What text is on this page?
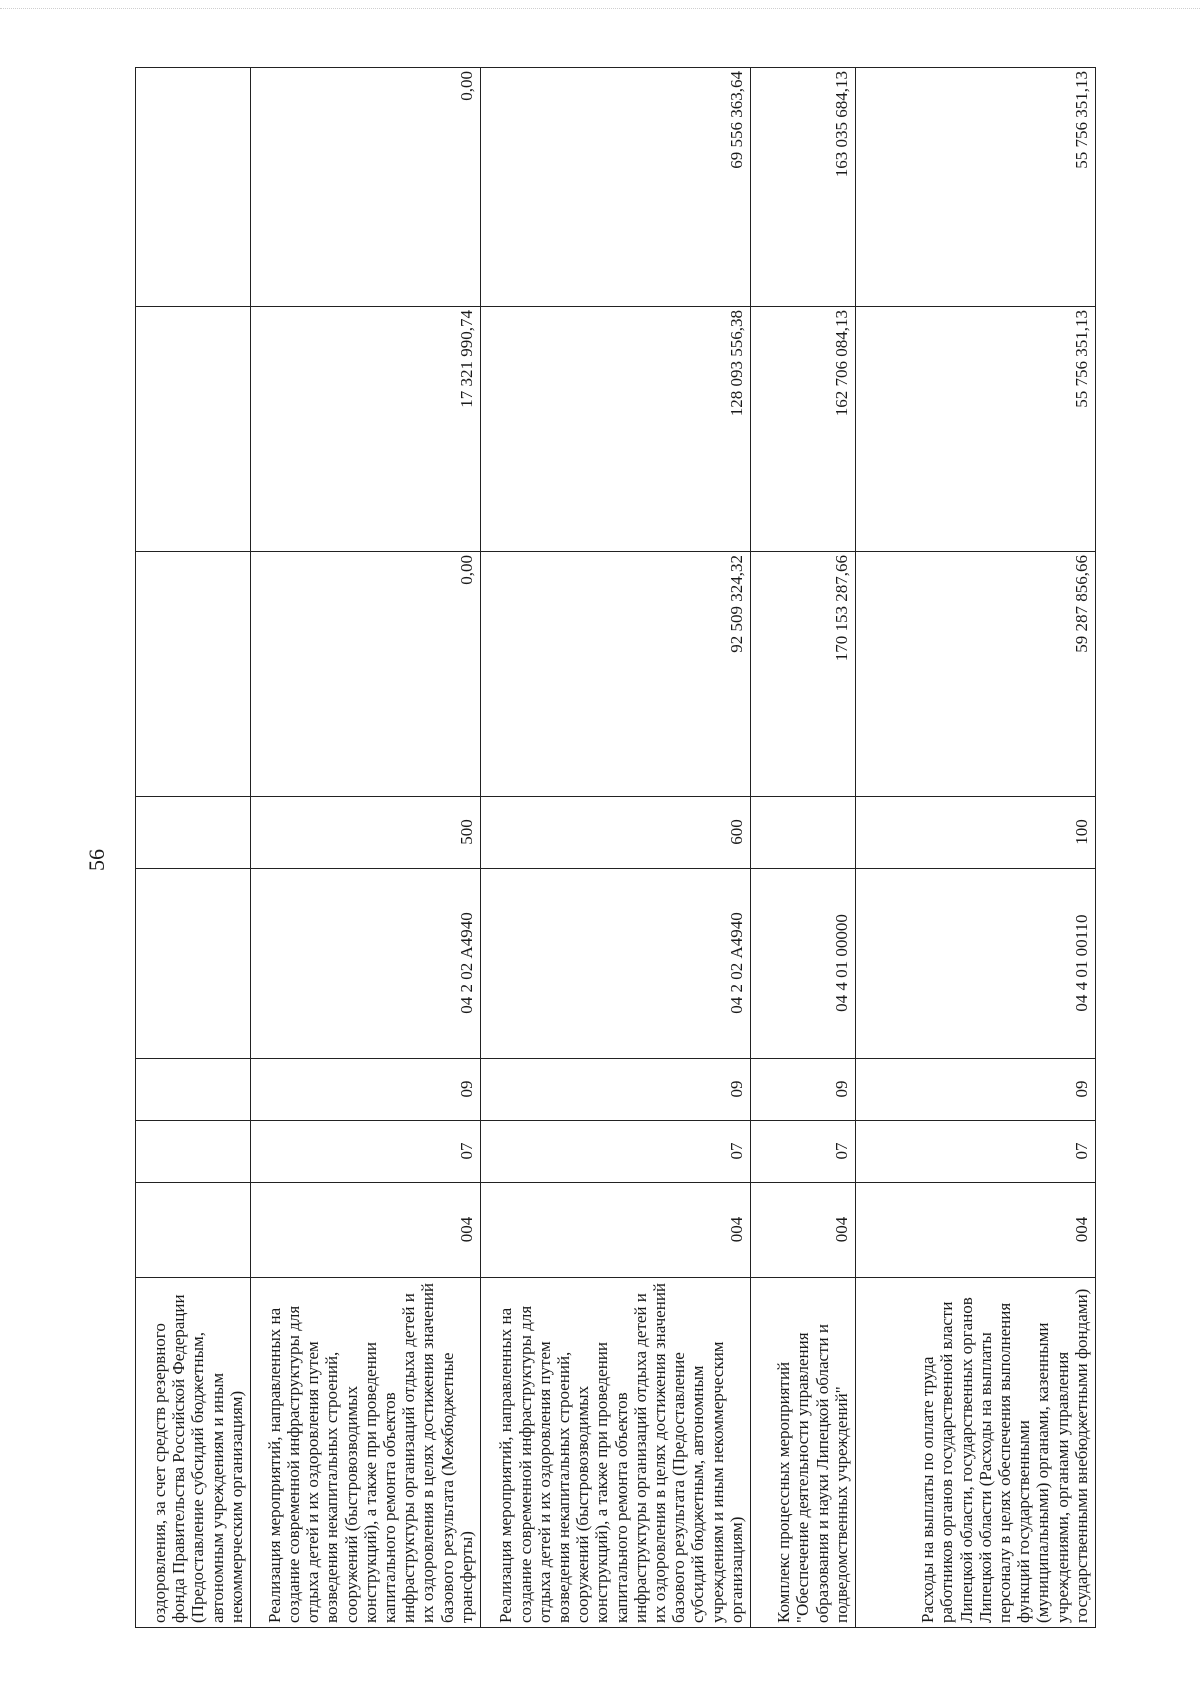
56
оздоровления, за счет средств резервного фонда Правительства Российской Федерации (Предоставление субсидий бюджетным, автономным учреждениям и иным некоммерческим организациям)								
Реализация мероприятий, направленных на создание современной инфраструктуры для отдыха детей и их оздоровления путем возведения некапитальных строений, сооружений (быстровозводимых конструкций), а также при проведении капитального ремонта объектов инфраструктуры организаций отдыха детей и их оздоровления в целях достижения значений базового результата (Межбюджетные трансферты)	004	07	09	04 2 02 А4940	500	0,00	17 321 990,74	0,00
Реализация мероприятий, направленных на создание современной инфраструктуры для отдыха детей и их оздоровления путем возведения некапитальных строений, сооружений (быстровозводимых конструкций), а также при проведении капитального ремонта объектов инфраструктуры организаций отдыха детей и их оздоровления в целях достижения значений базового результата (Предоставление субсидий бюджетным, автономным учреждениям и иным некоммерческим организациям)	004	07	09	04 2 02 А4940	600	92 509 324,32	128 093 556,38	69 556 363,64
Комплекс процессных мероприятий "Обеспечение деятельности управления образования и науки Липецкой области и подведомственных учреждений"	004	07	09	04 4 01 00000		170 153 287,66	162 706 084,13	163 035 684,13
Расходы на выплаты по оплате труда работников органов государственной власти Липецкой области, государственных органов Липецкой области (Расходы на выплаты персоналу в целях обеспечения выполнения функций государственными (муниципальными) органами, казенными учреждениями, органами управления государственными внебюджетными фондами)	004	07	09	04 4 01 00110	100	59 287 856,66	55 756 351,13	55 756 351,13
